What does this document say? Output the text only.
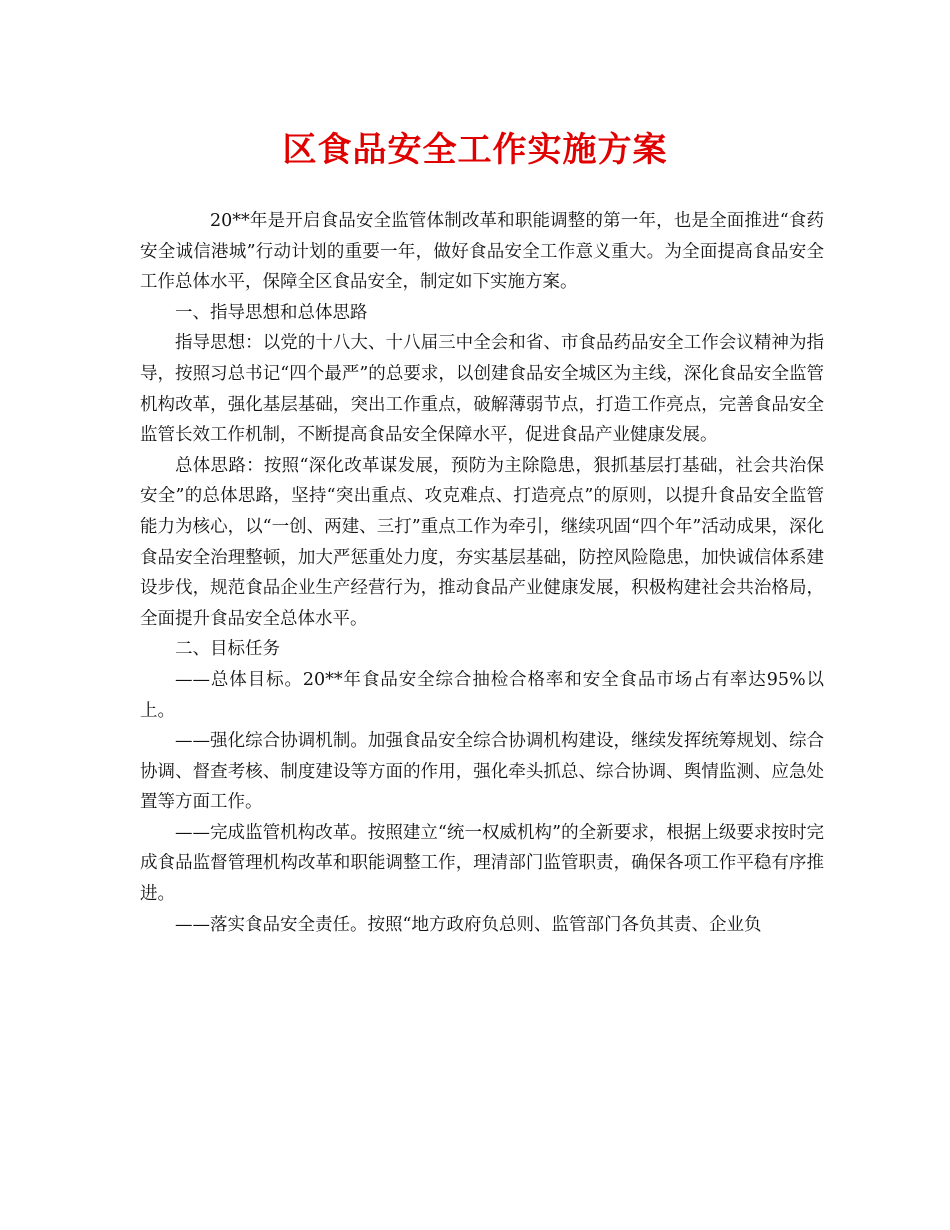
区食品安全工作实施方案

20**年是开启食品安全监管体制改革和职能调整的第一年，也是全面推进“食药安全诚信港城”行动计划的重要一年，做好食品安全工作意义重大。为全面提高食品安全工作总体水平，保障全区食品安全，制定如下实施方案。

一、指导思想和总体思路

指导思想：以党的十八大、十八届三中全会和省、市食品药品安全工作会议精神为指导，按照习总书记“四个最严”的总要求，以创建食品安全城区为主线，深化食品安全监管机构改革，强化基层基础，突出工作重点，破解薄弱节点，打造工作亮点，完善食品安全监管长效工作机制，不断提高食品安全保障水平，促进食品产业健康发展。

总体思路：按照“深化改革谋发展，预防为主除隐患，狠抓基层打基础，社会共治保安全”的总体思路，坚持“突出重点、攻克难点、打造亮点”的原则，以提升食品安全监管能力为核心，以“一创、两建、三打”重点工作为牵引，继续巩固“四个年”活动成果，深化食品安全治理整顿，加大严惩重处力度，夯实基层基础，防控风险隐患，加快诚信体系建设步伐，规范食品企业生产经营行为，推动食品产业健康发展，积极构建社会共治格局，全面提升食品安全总体水平。

二、目标任务

——总体目标。20**年食品安全综合抽检合格率和安全食品市场占有率达95%以上。

——强化综合协调机制。加强食品安全综合协调机构建设，继续发挥统筹规划、综合协调、督查考核、制度建设等方面的作用，强化牵头抓总、综合协调、舆情监测、应急处置等方面工作。

——完成监管机构改革。按照建立“统一权威机构”的全新要求，根据上级要求按时完成食品监督管理机构改革和职能调整工作，理清部门监管职责，确保各项工作平稳有序推进。

——落实食品安全责任。按照“地方政府负总则、监管部门各负其责、企业负
